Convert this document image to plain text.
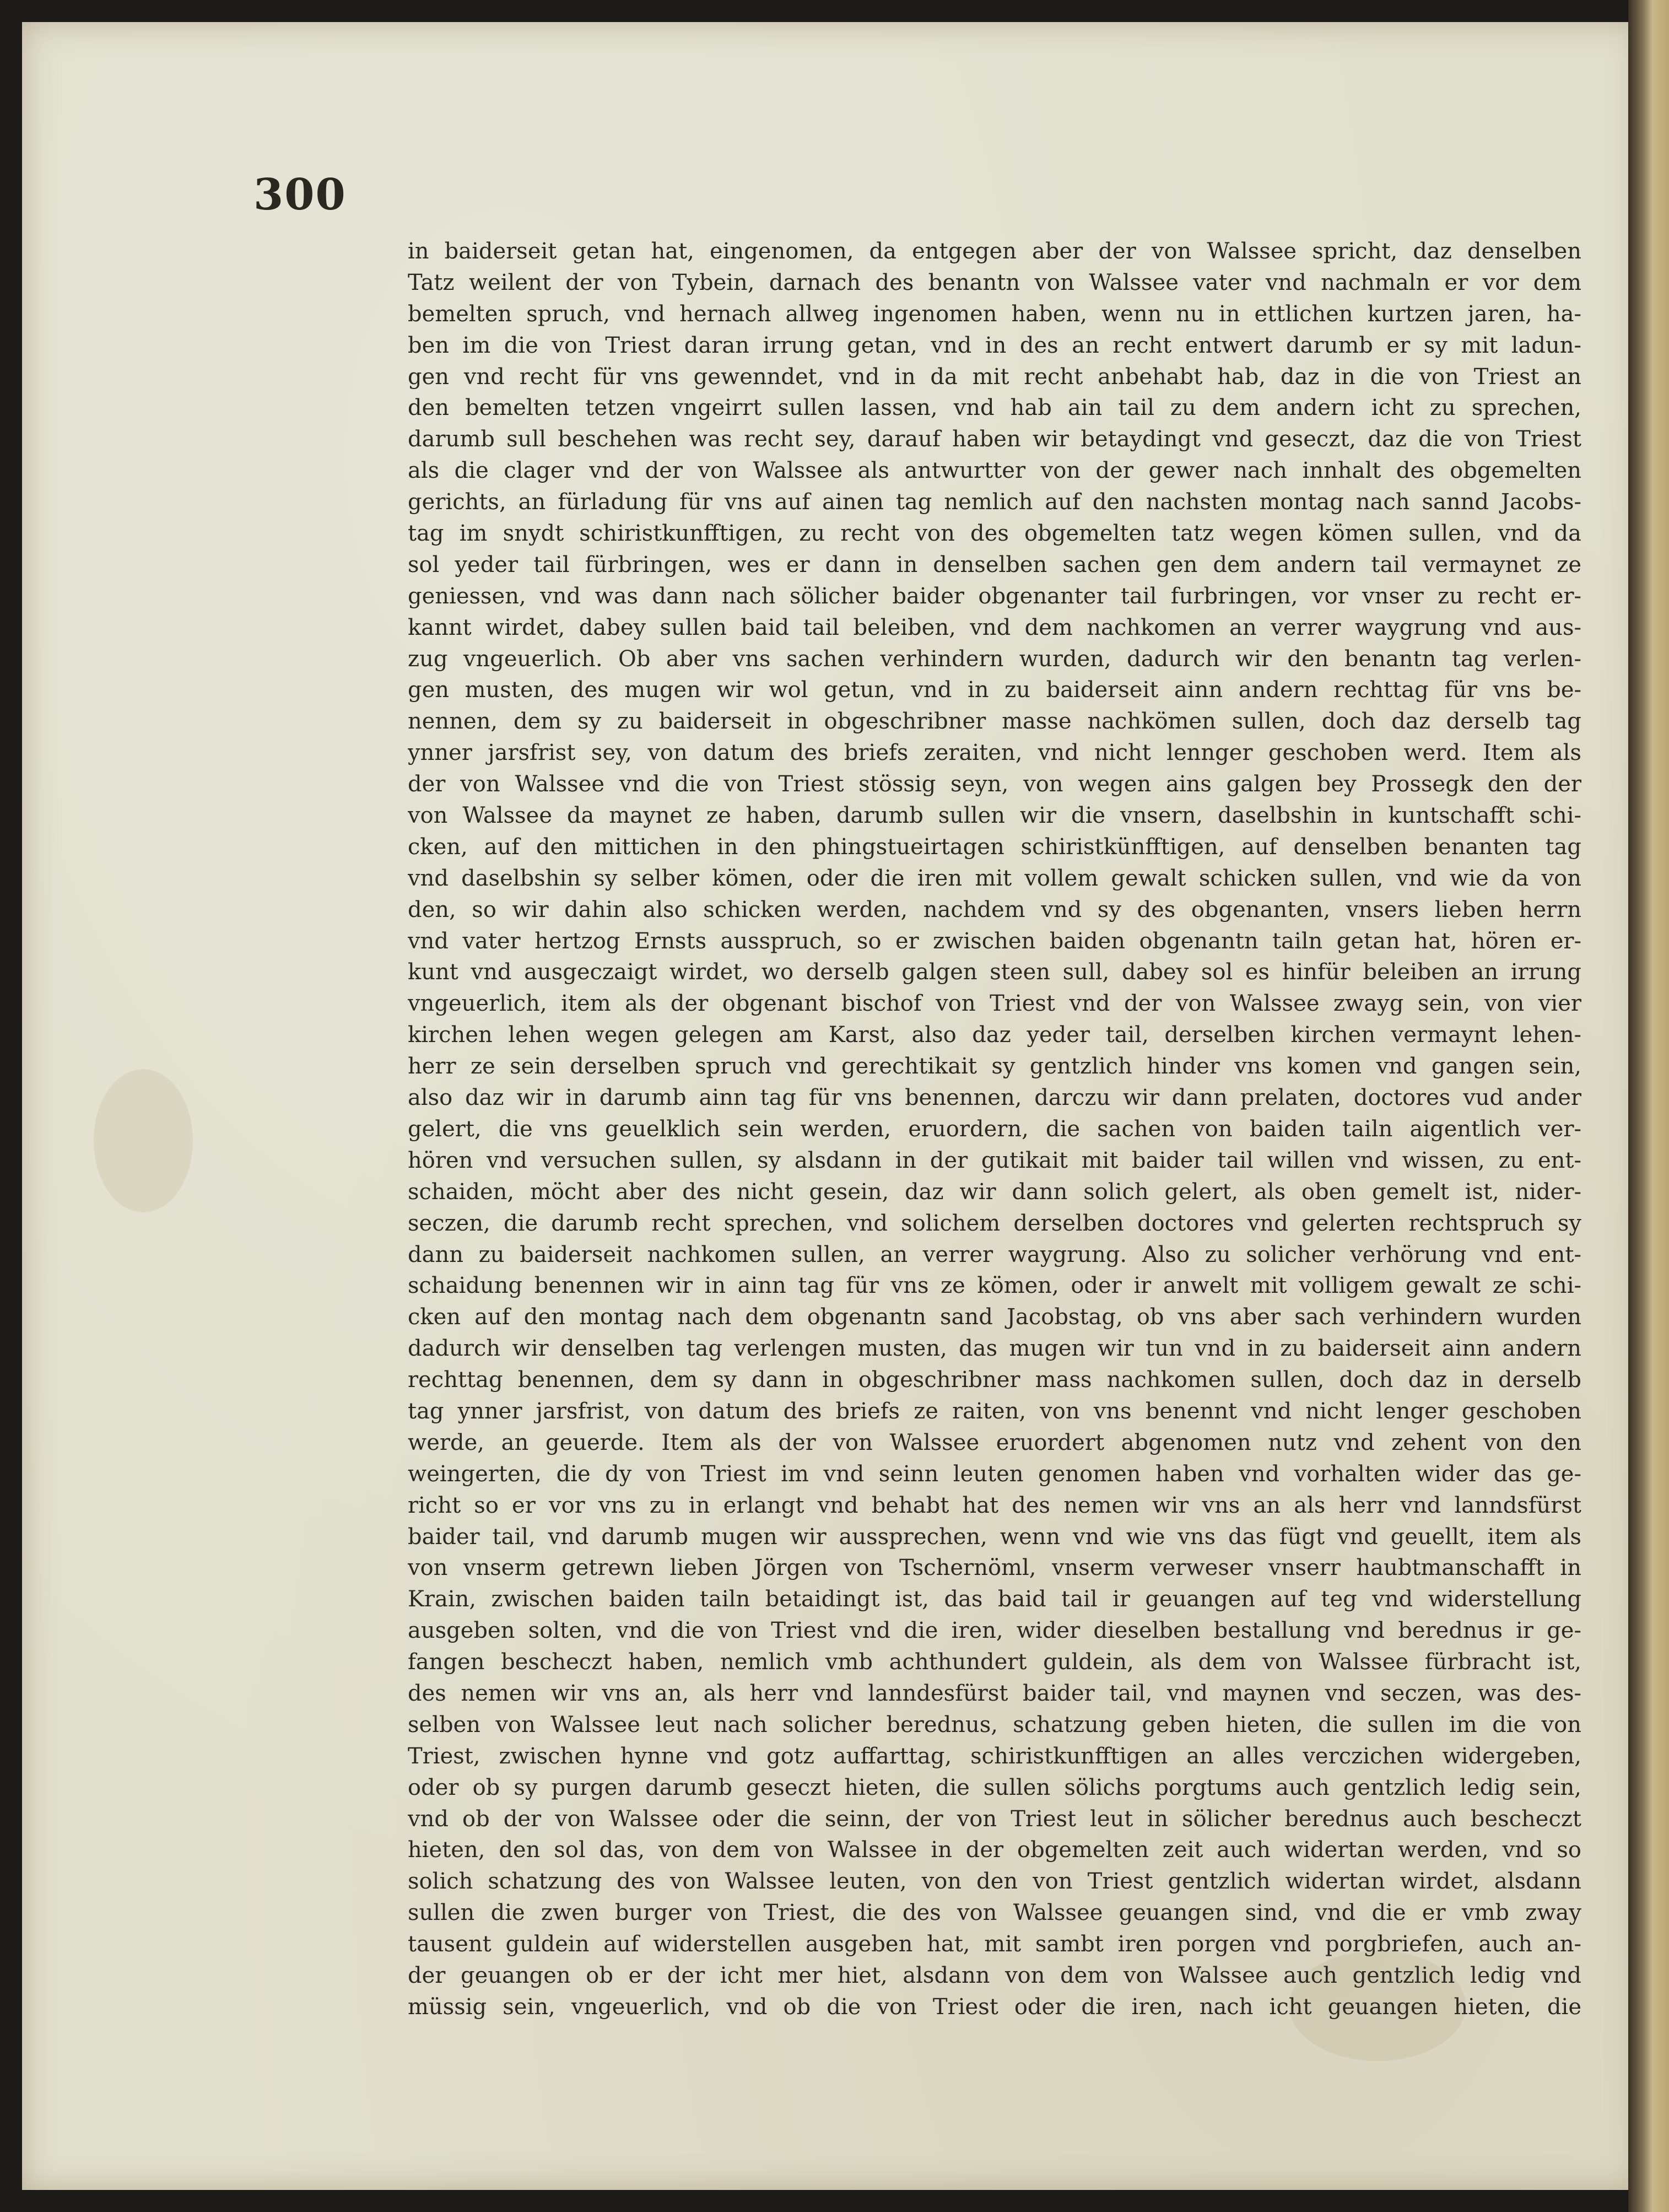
300
in baiderseit getan hat, eingenomen, da entgegen aber der von Walssee spricht, daz denselben
Tatz weilent der von Tybein, darnach des benantn von Walssee vater vnd nachmaln er vor dem
bemelten spruch, vnd hernach allweg ingenomen haben, wenn nu in ettlichen kurtzen jaren, ha-
ben im die von Triest daran irrung getan, vnd in des an recht entwert darumb er sy mit ladun-
gen vnd recht für vns gewenndet, vnd in da mit recht anbehabt hab, daz in die von Triest an
den bemelten tetzen vngeirrt sullen lassen, vnd hab ain tail zu dem andern icht zu sprechen,
darumb sull beschehen was recht sey, darauf haben wir betaydingt vnd geseczt, daz die von Triest
als die clager vnd der von Walssee als antwurtter von der gewer nach innhalt des obgemelten
gerichts, an fürladung für vns auf ainen tag nemlich auf den nachsten montag nach sannd Jacobs-
tag im snydt schiristkunfftigen, zu recht von des obgemelten tatz wegen kömen sullen, vnd da
sol yeder tail fürbringen, wes er dann in denselben sachen gen dem andern tail vermaynet ze
geniessen, vnd was dann nach sölicher baider obgenanter tail furbringen, vor vnser zu recht er-
kannt wirdet, dabey sullen baid tail beleiben, vnd dem nachkomen an verrer waygrung vnd aus-
zug vngeuerlich. Ob aber vns sachen verhindern wurden, dadurch wir den benantn tag verlen-
gen musten, des mugen wir wol getun, vnd in zu baiderseit ainn andern rechttag für vns be-
nennen, dem sy zu baiderseit in obgeschribner masse nachkömen sullen, doch daz derselb tag
ynner jarsfrist sey, von datum des briefs zeraiten, vnd nicht lennger geschoben werd. Item als
der von Walssee vnd die von Triest stössig seyn, von wegen ains galgen bey Prossegk den der
von Walssee da maynet ze haben, darumb sullen wir die vnsern, daselbshin in kuntschafft schi-
cken, auf den mittichen in den phingstueirtagen schiristkünfftigen, auf denselben benanten tag
vnd daselbshin sy selber kömen, oder die iren mit vollem gewalt schicken sullen, vnd wie da von
den, so wir dahin also schicken werden, nachdem vnd sy des obgenanten, vnsers lieben herrn
vnd vater hertzog Ernsts ausspruch, so er zwischen baiden obgenantn tailn getan hat, hören er-
kunt vnd ausgeczaigt wirdet, wo derselb galgen steen sull, dabey sol es hinfür beleiben an irrung
vngeuerlich, item als der obgenant bischof von Triest vnd der von Walssee zwayg sein, von vier
kirchen lehen wegen gelegen am Karst, also daz yeder tail, derselben kirchen vermaynt lehen-
herr ze sein derselben spruch vnd gerechtikait sy gentzlich hinder vns komen vnd gangen sein,
also daz wir in darumb ainn tag für vns benennen, darczu wir dann prelaten, doctores vud ander
gelert, die vns geuelklich sein werden, eruordern, die sachen von baiden tailn aigentlich ver-
hören vnd versuchen sullen, sy alsdann in der gutikait mit baider tail willen vnd wissen, zu ent-
schaiden, möcht aber des nicht gesein, daz wir dann solich gelert, als oben gemelt ist, nider-
seczen, die darumb recht sprechen, vnd solichem derselben doctores vnd gelerten rechtspruch sy
dann zu baiderseit nachkomen sullen, an verrer waygrung. Also zu solicher verhörung vnd ent-
schaidung benennen wir in ainn tag für vns ze kömen, oder ir anwelt mit volligem gewalt ze schi-
cken auf den montag nach dem obgenantn sand Jacobstag, ob vns aber sach verhindern wurden
dadurch wir denselben tag verlengen musten, das mugen wir tun vnd in zu baiderseit ainn andern
rechttag benennen, dem sy dann in obgeschribner mass nachkomen sullen, doch daz in derselb
tag ynner jarsfrist, von datum des briefs ze raiten, von vns benennt vnd nicht lenger geschoben
werde, an geuerde. Item als der von Walssee eruordert abgenomen nutz vnd zehent von den
weingerten, die dy von Triest im vnd seinn leuten genomen haben vnd vorhalten wider das ge-
richt so er vor vns zu in erlangt vnd behabt hat des nemen wir vns an als herr vnd lanndsfürst
baider tail, vnd darumb mugen wir aussprechen, wenn vnd wie vns das fügt vnd geuellt, item als
von vnserm getrewn lieben Jörgen von Tschernöml, vnserm verweser vnserr haubtmanschafft in
Krain, zwischen baiden tailn betaidingt ist, das baid tail ir geuangen auf teg vnd widerstellung
ausgeben solten, vnd die von Triest vnd die iren, wider dieselben bestallung vnd berednus ir ge-
fangen bescheczt haben, nemlich vmb achthundert guldein, als dem von Walssee fürbracht ist,
des nemen wir vns an, als herr vnd lanndesfürst baider tail, vnd maynen vnd seczen, was des-
selben von Walssee leut nach solicher berednus, schatzung geben hieten, die sullen im die von
Triest, zwischen hynne vnd gotz auffarttag, schiristkunfftigen an alles verczichen widergeben,
oder ob sy purgen darumb geseczt hieten, die sullen sölichs porgtums auch gentzlich ledig sein,
vnd ob der von Walssee oder die seinn, der von Triest leut in sölicher berednus auch bescheczt
hieten, den sol das, von dem von Walssee in der obgemelten zeit auch widertan werden, vnd so
solich schatzung des von Walssee leuten, von den von Triest gentzlich widertan wirdet, alsdann
sullen die zwen burger von Triest, die des von Walssee geuangen sind, vnd die er vmb zway
tausent guldein auf widerstellen ausgeben hat, mit sambt iren porgen vnd porgbriefen, auch an-
der geuangen ob er der icht mer hiet, alsdann von dem von Walssee auch gentzlich ledig vnd
müssig sein, vngeuerlich, vnd ob die von Triest oder die iren, nach icht geuangen hieten, die
